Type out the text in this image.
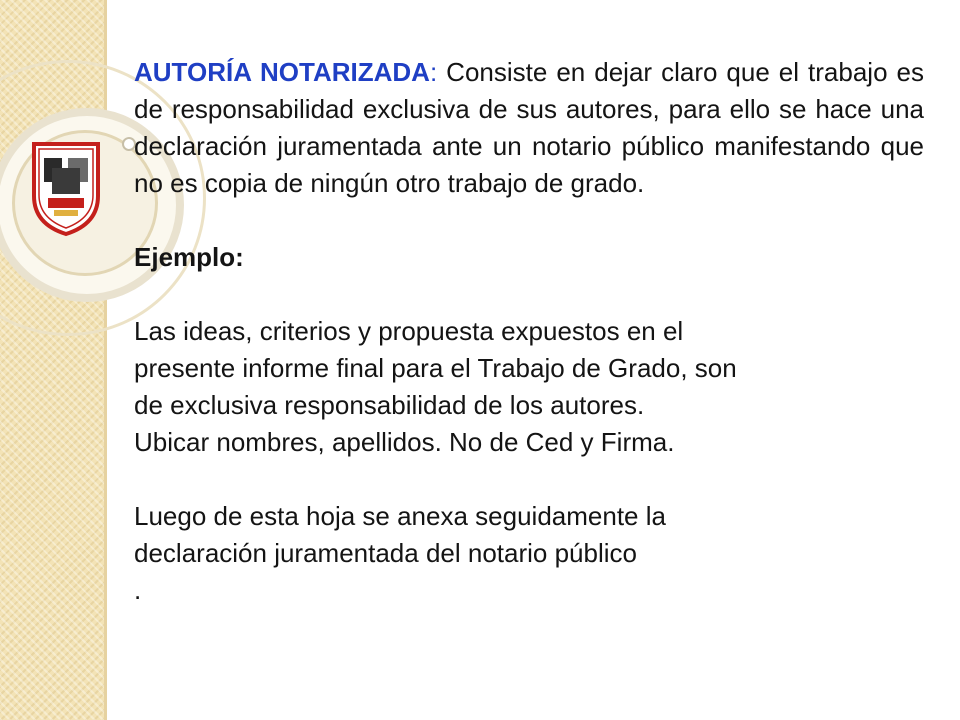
AUTORÍA NOTARIZADA: Consiste en dejar claro que el trabajo es de responsabilidad exclusiva de sus autores, para ello se hace una declaración juramentada ante un notario público manifestando que no es copia de ningún otro trabajo de grado.

Ejemplo:

Las ideas, criterios y propuesta expuestos en el

presente informe final para el Trabajo de Grado, son

de exclusiva responsabilidad de los autores.

Ubicar nombres, apellidos. No de Ced y Firma.

Luego de esta hoja se anexa seguidamente la

declaración juramentada del notario público

.
